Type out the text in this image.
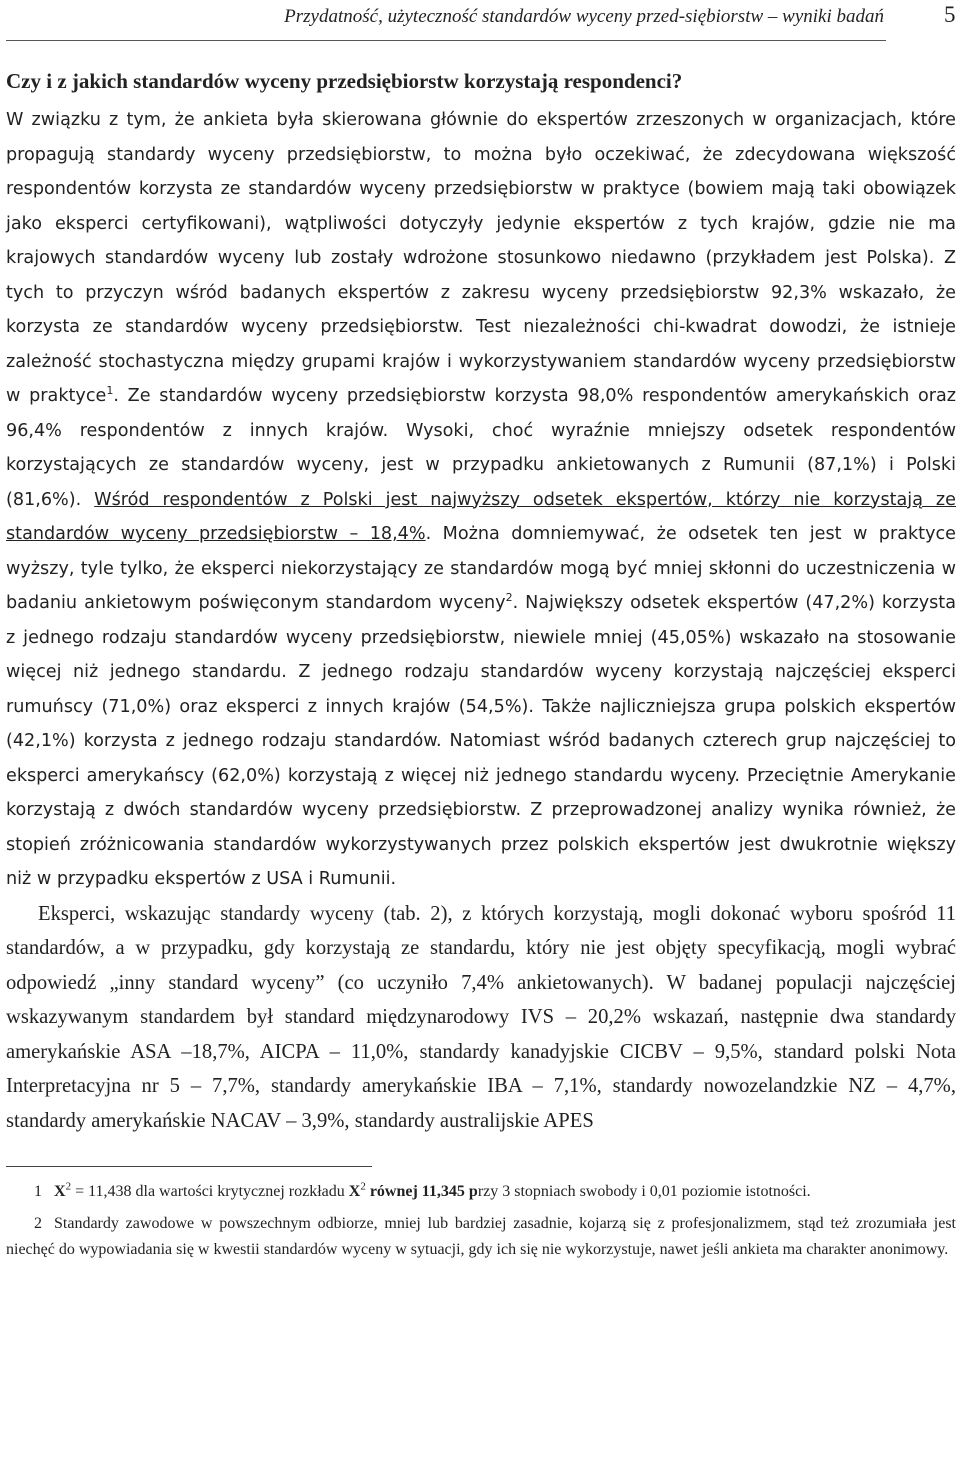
Przydatność, użyteczność standardów wyceny przed-siębiorstw – wyniki badań	5
Czy i z jakich standardów wyceny przedsiębiorstw korzystają respondenci?

W związku z tym, że ankieta była skierowana głównie do ekspertów zrzeszonych w organizacjach, które propagują standardy wyceny przedsiębiorstw, to można było oczekiwać, że zdecydowana większość respondentów korzysta ze standardów wyceny przedsiębiorstw w praktyce (bowiem mają taki obowiązek jako eksperci certyfikowani), wątpliwości dotyczyły jedynie ekspertów z tych krajów, gdzie nie ma krajowych standardów wyceny lub zostały wdrożone stosunkowo niedawno (przykładem jest Polska). Z tych to przyczyn wśród badanych ekspertów z zakresu wyceny przedsiębiorstw 92,3% wskazało, że korzysta ze standardów wyceny przedsiębiorstw. Test niezależności chi-kwadrat dowodzi, że istnieje zależność stochastyczna między grupami krajów i wykorzystywaniem standardów wyceny przedsiębiorstw w praktyce$^1$. Ze standardów wyceny przedsiębiorstw korzysta 98,0% respondentów amerykańskich oraz 96,4% respondentów z innych krajów. Wysoki, choć wyraźnie mniejszy odsetek respondentów korzystających ze standardów wyceny, jest w przypadku ankietowanych z Rumunii (87,1%) i Polski (81,6%). Wśród respondentów z Polski jest najwyższy odsetek ekspertów, którzy nie korzystają ze standardów wyceny przedsiębiorstw – 18,4%. Można domniemywać, że odsetek ten jest w praktyce wyższy, tyle tylko, że eksperci niekorzystający ze standardów mogą być mniej skłonni do uczestniczenia w badaniu ankietowym poświęconym standardom wyceny$^2$. Największy odsetek ekspertów (47,2%) korzysta z jednego rodzaju standardów wyceny przedsiębiorstw, niewiele mniej (45,05%) wskazało na stosowanie więcej niż jednego standardu. Z jednego rodzaju standardów wyceny korzystają najczęściej eksperci rumuńscy (71,0%) oraz eksperci z innych krajów (54,5%). Także najliczniejsza grupa polskich ekspertów (42,1%) korzysta z jednego rodzaju standardów. Natomiast wśród badanych czterech grup najczęściej to eksperci amerykańscy (62,0%) korzystają z więcej niż jednego standardu wyceny. Przeciętnie Amerykanie korzystają z dwóch standardów wyceny przedsiębiorstw. Z przeprowadzonej analizy wynika również, że stopień zróżnicowania standardów wykorzystywanych przez polskich ekspertów jest dwukrotnie większy niż w przypadku ekspertów z USA i Rumunii.

Eksperci, wskazując standardy wyceny (tab. 2), z których korzystają, mogli dokonać wyboru spośród 11 standardów, a w przypadku, gdy korzystają ze standardu, który nie jest objęty specyfikacją, mogli wybrać odpowiedź „inny standard wyceny” (co uczyniło 7,4% ankietowanych). W badanej populacji najczęściej wskazywanym standardem był standard międzynarodowy IVS – 20,2% wskazań, następnie dwa standardy amerykańskie ASA –18,7%, AICPA – 11,0%, standardy kanadyjskie CICBV – 9,5%, standard polski Nota Interpretacyjna nr 5 – 7,7%, standardy amerykańskie IBA – 7,1%, standardy nowozelandzkie NZ – 4,7%, standardy amerykańskie NACAV – 3,9%, standardy australijskie APES

1 $X^2 = 11,438$ dla wartości krytycznej rozkładu $X^2$ równej 11,345 przy 3 stopniach swobody i 0,01 poziomie istotności.

2 Standardy zawodowe w powszechnym odbiorze, mniej lub bardziej zasadnie, kojarzą się z profesjonalizmem, stąd też zrozumiała jest niechęć do wypowiadania się w kwestii standardów wyceny w sytuacji, gdy ich się nie wykorzystuje, nawet jeśli ankieta ma charakter anonimowy.
